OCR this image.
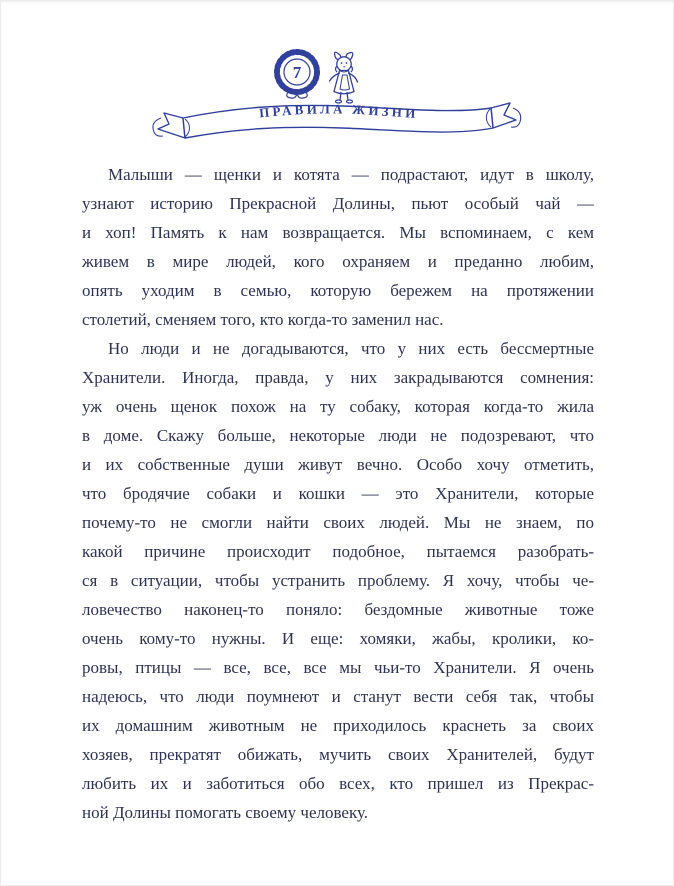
7
ПРАВИЛА ЖИЗНИ
Малыши — щенки и котята — подрастают, идут в школу,
узнают историю Прекрасной Долины, пьют особый чай —
и хоп! Память к нам возвращается. Мы вспоминаем, с кем
живем в мире людей, кого охраняем и преданно любим,
опять уходим в семью, которую бережем на протяжении
столетий, сменяем того, кто когда-то заменил нас.
Но люди и не догадываются, что у них есть бессмертные
Хранители. Иногда, правда, у них закрадываются сомнения:
уж очень щенок похож на ту собаку, которая когда-то жила
в доме. Скажу больше, некоторые люди не подозревают, что
и их собственные души живут вечно. Особо хочу отметить,
что бродячие собаки и кошки — это Хранители, которые
почему-то не смогли найти своих людей. Мы не знаем, по
какой причине происходит подобное, пытаемся разобрать-
ся в ситуации, чтобы устранить проблему. Я хочу, чтобы че-
ловечество наконец-то поняло: бездомные животные тоже
очень кому-то нужны. И еще: хомяки, жабы, кролики, ко-
ровы, птицы — все, все, все мы чьи-то Хранители. Я очень
надеюсь, что люди поумнеют и станут вести себя так, чтобы
их домашним животным не приходилось краснеть за своих
хозяев, прекратят обижать, мучить своих Хранителей, будут
любить их и заботиться обо всех, кто пришел из Прекрас-
ной Долины помогать своему человеку.
